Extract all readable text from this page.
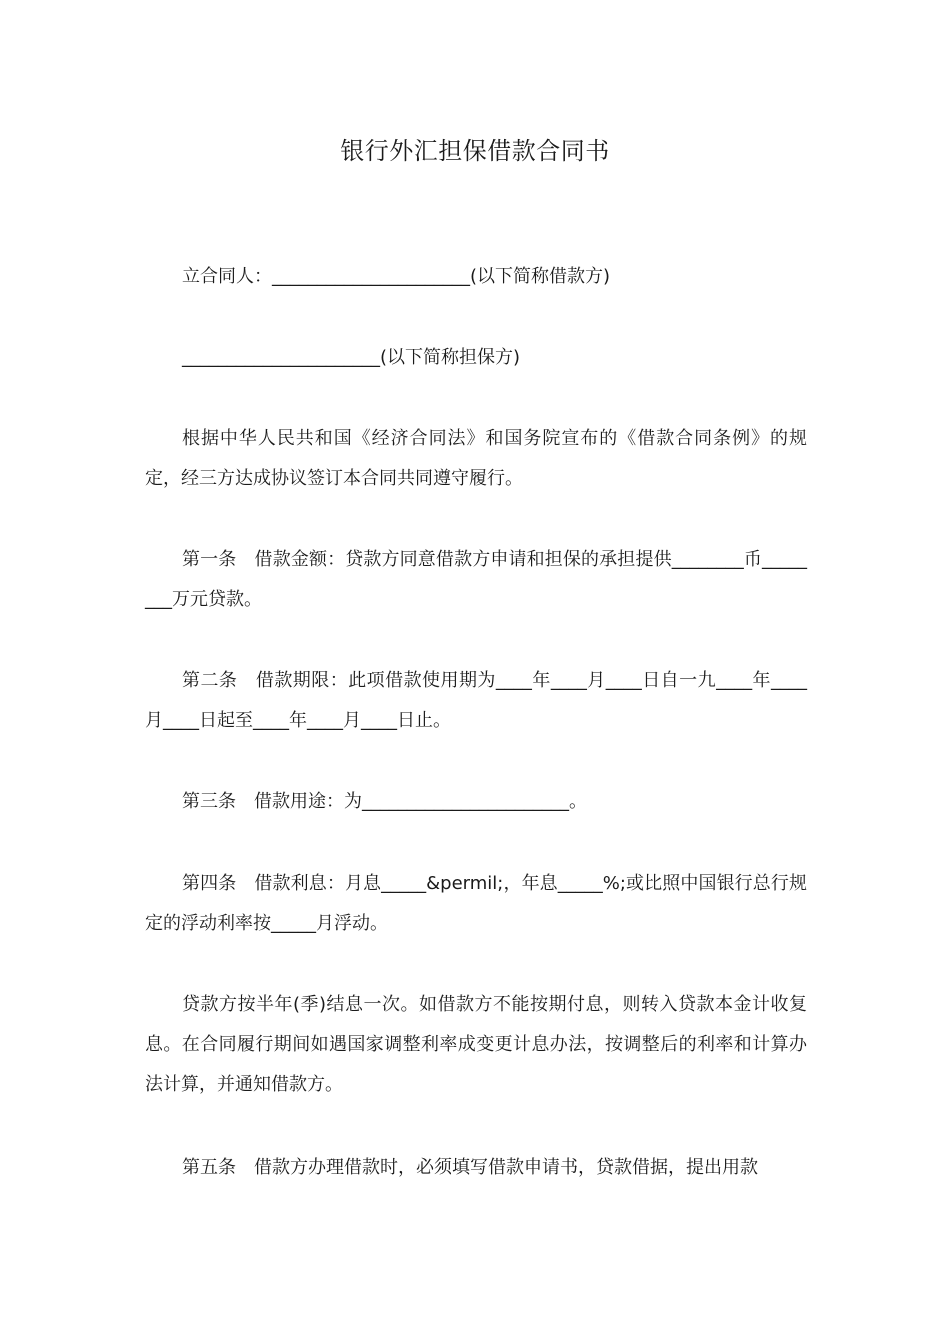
银行外汇担保借款合同书

立合同人：______________________(以下简称借款方)

______________________(以下简称担保方)

根据中华人民共和国《经济合同法》和国务院宣布的《借款合同条例》的规定，经三方达成协议签订本合同共同遵守履行。

第一条　借款金额：贷款方同意借款方申请和担保的承担提供________币________万元贷款。

第二条　借款期限：此项借款使用期为____年____月____日自一九____年____月____日起至____年____月____日止。

第三条　借款用途：为_______________________。

第四条　借款利息：月息_____&permil;，年息_____%;或比照中国银行总行规定的浮动利率按_____月浮动。

贷款方按半年(季)结息一次。如借款方不能按期付息，则转入贷款本金计收复息。在合同履行期间如遇国家调整利率成变更计息办法，按调整后的利率和计算办法计算，并通知借款方。

第五条　借款方办理借款时，必须填写借款申请书，贷款借据，提出用款
